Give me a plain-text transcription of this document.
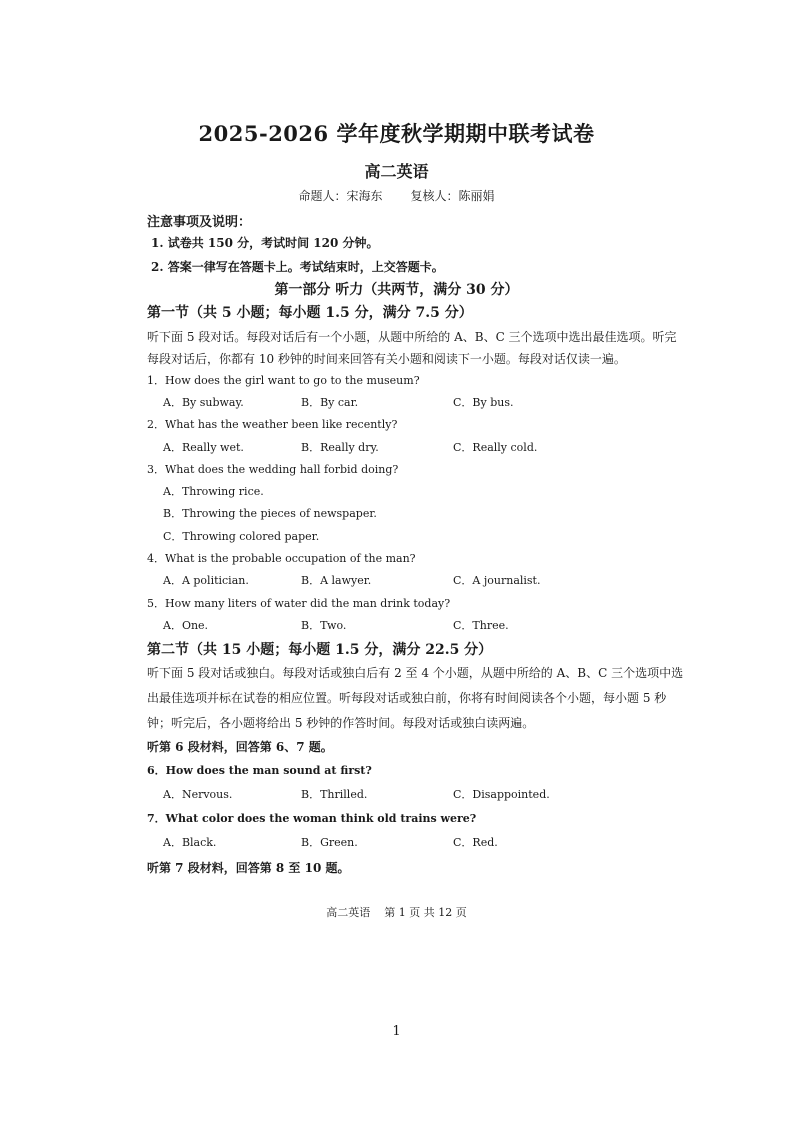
2025-2026 学年度秋学期期中联考试卷
高二英语
命题人：宋海东 复核人：陈丽娟
注意事项及说明：
1. 试卷共 150 分，考试时间 120 分钟。
2. 答案一律写在答题卡上。考试结束时，上交答题卡。
第一部分 听力（共两节，满分 30 分）
第一节（共 5 小题；每小题 1.5 分，满分 7.5 分）
听下面 5 段对话。每段对话后有一个小题，从题中所给的 A、B、C 三个选项中选出最佳选项。听完
每段对话后，你都有 10 秒钟的时间来回答有关小题和阅读下一小题。每段对话仅读一遍。
1．How does the girl want to go to the museum?
A．By subway.	B．By car.	C．By bus.
2．What has the weather been like recently?
A．Really wet.	B．Really dry.	C．Really cold.
3．What does the wedding hall forbid doing?
A．Throwing rice.
B．Throwing the pieces of newspaper.
C．Throwing colored paper.
4．What is the probable occupation of the man?
A．A politician.	B．A lawyer.	C．A journalist.
5．How many liters of water did the man drink today?
A．One.	B．Two.	C．Three.
第二节（共 15 小题；每小题 1.5 分，满分 22.5 分）
听下面 5 段对话或独白。每段对话或独白后有 2 至 4 个小题，从题中所给的 A、B、C 三个选项中选
出最佳选项并标在试卷的相应位置。听每段对话或独白前，你将有时间阅读各个小题，每小题 5 秒
钟；听完后，各小题将给出 5 秒钟的作答时间。每段对话或独白读两遍。
听第 6 段材料，回答第 6、7 题。
6．How does the man sound at first?
A．Nervous.	B．Thrilled.	C．Disappointed.
7．What color does the woman think old trains were?
A．Black.	B．Green.	C．Red.
听第 7 段材料，回答第 8 至 10 题。
高二英语 第 1 页 共 12 页
1
